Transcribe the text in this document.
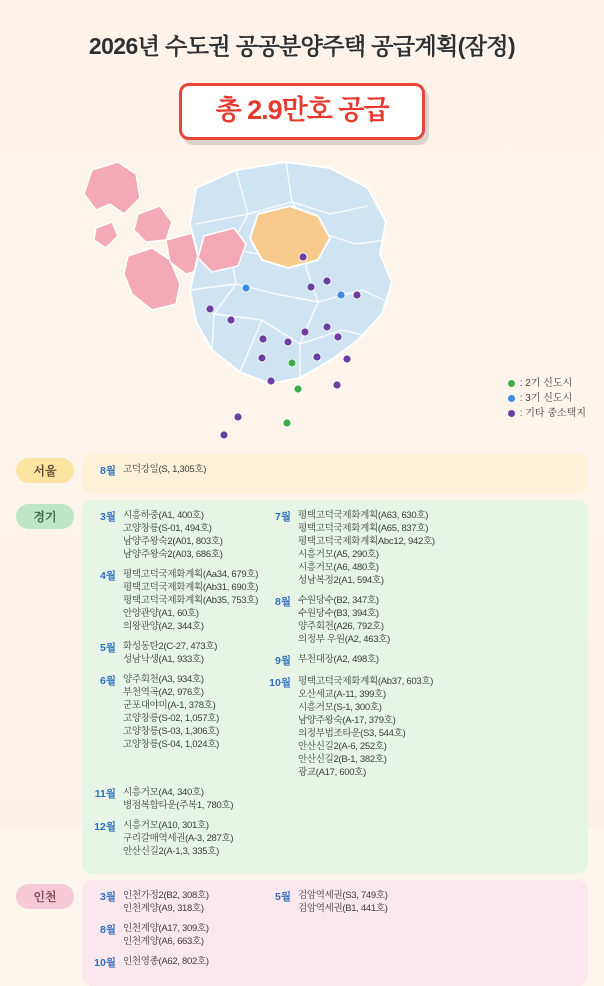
2026년 수도권 공공분양주택 공급계획(잠정)
총 2.9만호 공급
: 2기 신도시
: 3기 신도시
: 기타 중소택지
서울	8월 고덕강일(S, 1,305호)
경기	3월 시흥하중(A1, 400호)
고양창릉(S-01, 494호)
남양주왕숙2(A01, 803호)
남양주왕숙2(A03, 686호)
4월 평택고덕국제화계획(Aa34, 679호)
평택고덕국제화계획(Ab31, 690호)
평택고덕국제화계획(Ab35, 753호)
안양관양(A1, 60호)
의왕관양(A2, 344호)
5월 화성동탄2(C-27, 473호)
성남낙생(A1, 933호)
6월 양주회천(A3, 934호)
부천역곡(A2, 976호)
군포대야미(A-1, 378호)
고양창릉(S-02, 1,057호)
고양창릉(S-03, 1,306호)
고양창릉(S-04, 1,024호)
7월 평택고덕국제화계획(A63, 630호)
평택고덕국제화계획(A65, 837호)
평택고덕국제화계획Abc12, 942호)
시흥거모(A5, 290호)
시흥거모(A6, 480호)
성남복정2(A1, 594호)
8월 수원당수(B2, 347호)
수원당수(B3, 394호)
양주회천(A26, 792호)
의정부 우원(A2, 463호)
9월 부천대장(A2, 498호)
10월 평택고덕국제화계획(Ab37, 603호)
오산세교(A-11, 399호)
시흥거모(S-1, 300호)
남양주왕숙(A-17, 379호)
의정부법조타운(S3, 544호)
안산신길2(A-6, 252호)
안산신길2(B-1, 382호)
광교(A17, 600호)
11월 시흥거모(A4, 340호)
병점복합타운(주복1, 780호)
12월 시흥거모(A10, 301호)
구리갈매역세권(A-3, 287호)
안산신길2(A-1,3, 335호)
인천	3월 인천가정2(B2, 308호)
인천계양(A9, 318호)
5월 검암역세권(S3, 749호)
검암역세권(B1, 441호)
8월 인천계양(A17, 309호)
인천계양(A6, 663호)
10월 인천영종(A62, 802호)
